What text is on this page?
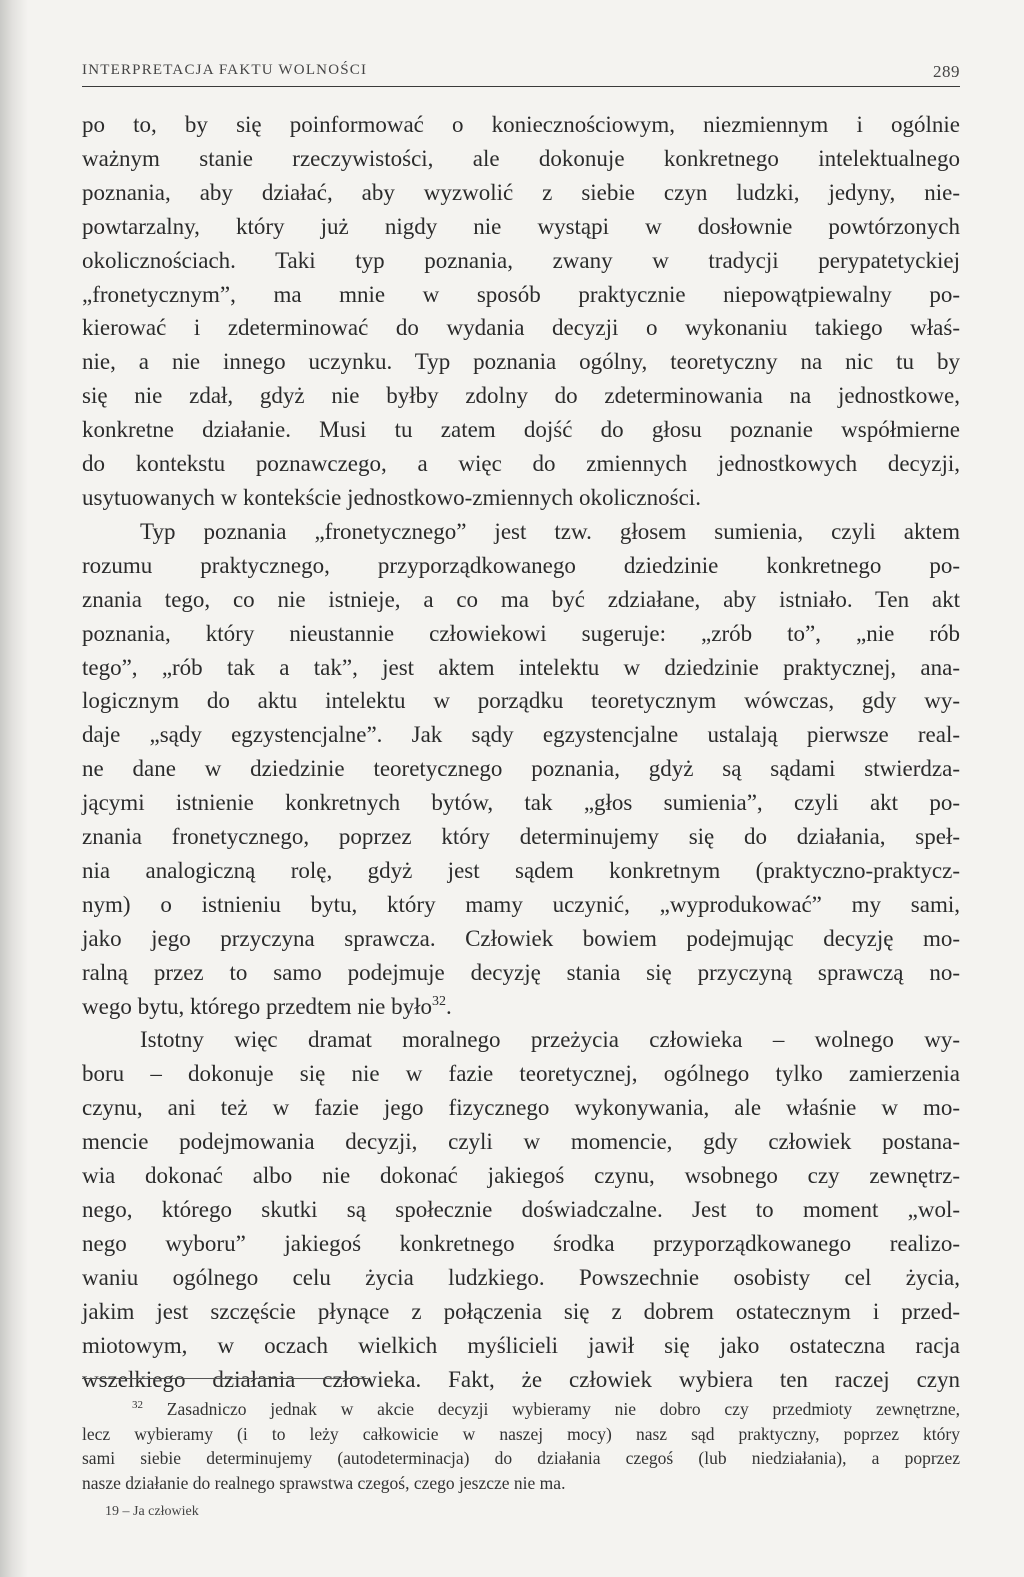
INTERPRETACJA FAKTU WOLNOŚCI	289

po to, by się poinformować o koniecznościowym, niezmiennym i ogólnie

ważnym stanie rzeczywistości, ale dokonuje konkretnego intelektualnego

poznania, aby działać, aby wyzwolić z siebie czyn ludzki, jedyny, nie-

powtarzalny, który już nigdy nie wystąpi w dosłownie powtórzonych

okolicznościach. Taki typ poznania, zwany w tradycji perypatetyckiej

„fronetycznym”, ma mnie w sposób praktycznie niepowątpiewalny po-

kierować i zdeterminować do wydania decyzji o wykonaniu takiego właś-

nie, a nie innego uczynku. Typ poznania ogólny, teoretyczny na nic tu by

się nie zdał, gdyż nie byłby zdolny do zdeterminowania na jednostkowe,

konkretne działanie. Musi tu zatem dojść do głosu poznanie współmierne

do kontekstu poznawczego, a więc do zmiennych jednostkowych decyzji,

usytuowanych w kontekście jednostkowo-zmiennych okoliczności.

Typ poznania „fronetycznego” jest tzw. głosem sumienia, czyli aktem

rozumu praktycznego, przyporządkowanego dziedzinie konkretnego po-

znania tego, co nie istnieje, a co ma być zdziałane, aby istniało. Ten akt

poznania, który nieustannie człowiekowi sugeruje: „zrób to”, „nie rób

tego”, „rób tak a tak”, jest aktem intelektu w dziedzinie praktycznej, ana-

logicznym do aktu intelektu w porządku teoretycznym wówczas, gdy wy-

daje „sądy egzystencjalne”. Jak sądy egzystencjalne ustalają pierwsze real-

ne dane w dziedzinie teoretycznego poznania, gdyż są sądami stwierdza-

jącymi istnienie konkretnych bytów, tak „głos sumienia”, czyli akt po-

znania fronetycznego, poprzez który determinujemy się do działania, speł-

nia analogiczną rolę, gdyż jest sądem konkretnym (praktyczno-praktycz-

nym) o istnieniu bytu, który mamy uczynić, „wyprodukować” my sami,

jako jego przyczyna sprawcza. Człowiek bowiem podejmując decyzję mo-

ralną przez to samo podejmuje decyzję stania się przyczyną sprawczą no-

wego bytu, którego przedtem nie było$^{32}$.

Istotny więc dramat moralnego przeżycia człowieka – wolnego wy-

boru – dokonuje się nie w fazie teoretycznej, ogólnego tylko zamierzenia

czynu, ani też w fazie jego fizycznego wykonywania, ale właśnie w mo-

mencie podejmowania decyzji, czyli w momencie, gdy człowiek postana-

wia dokonać albo nie dokonać jakiegoś czynu, wsobnego czy zewnętrz-

nego, którego skutki są społecznie doświadczalne. Jest to moment „wol-

nego wyboru” jakiegoś konkretnego środka przyporządkowanego realizo-

waniu ogólnego celu życia ludzkiego. Powszechnie osobisty cel życia,

jakim jest szczęście płynące z połączenia się z dobrem ostatecznym i przed-

miotowym, w oczach wielkich myślicieli jawił się jako ostateczna racja

wszelkiego działania człowieka. Fakt, że człowiek wybiera ten raczej czyn

$^{32}$ Zasadniczo jednak w akcie decyzji wybieramy nie dobro czy przedmioty zewnętrzne,

lecz wybieramy (i to leży całkowicie w naszej mocy) nasz sąd praktyczny, poprzez który

sami siebie determinujemy (autodeterminacja) do działania czegoś (lub niedziałania), a poprzez

nasze działanie do realnego sprawstwa czegoś, czego jeszcze nie ma.

19 – Ja człowiek
